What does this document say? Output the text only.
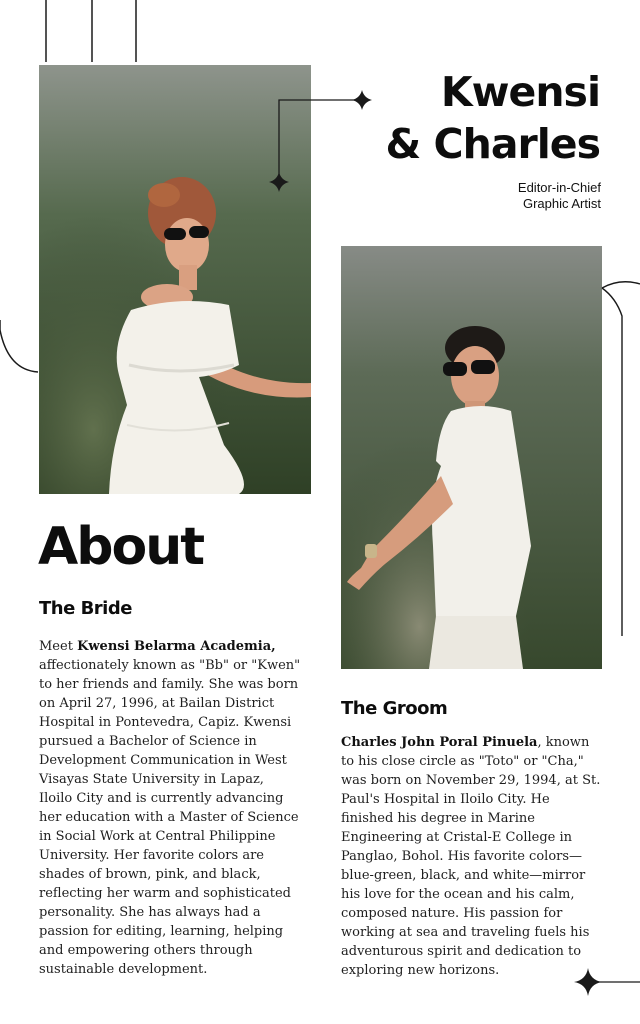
Kwensi
& Charles
Editor-in-Chief
Graphic Artist
About
The Bride

Meet Kwensi Belarma Academia, affectionately known as "Bb" or "Kwen" to her friends and family. She was born on April 27, 1996, at Bailan District Hospital in Pontevedra, Capiz. Kwensi pursued a Bachelor of Science in Development Communication in West Visayas State University in Lapaz, Iloilo City and is currently advancing her education with a Master of Science in Social Work at Central Philippine University. Her favorite colors are shades of brown, pink, and black, reflecting her warm and sophisticated personality. She has always had a passion for editing, learning, helping and empowering others through sustainable development.

The Groom

Charles John Poral Pinuela, known to his close circle as "Toto" or "Cha," was born on November 29, 1994, at St. Paul's Hospital in Iloilo City. He finished his degree in Marine Engineering at Cristal-E College in Panglao, Bohol. His favorite colors—blue-green, black, and white—mirror his love for the ocean and his calm, composed nature. His passion for working at sea and traveling fuels his adventurous spirit and dedication to exploring new horizons.
